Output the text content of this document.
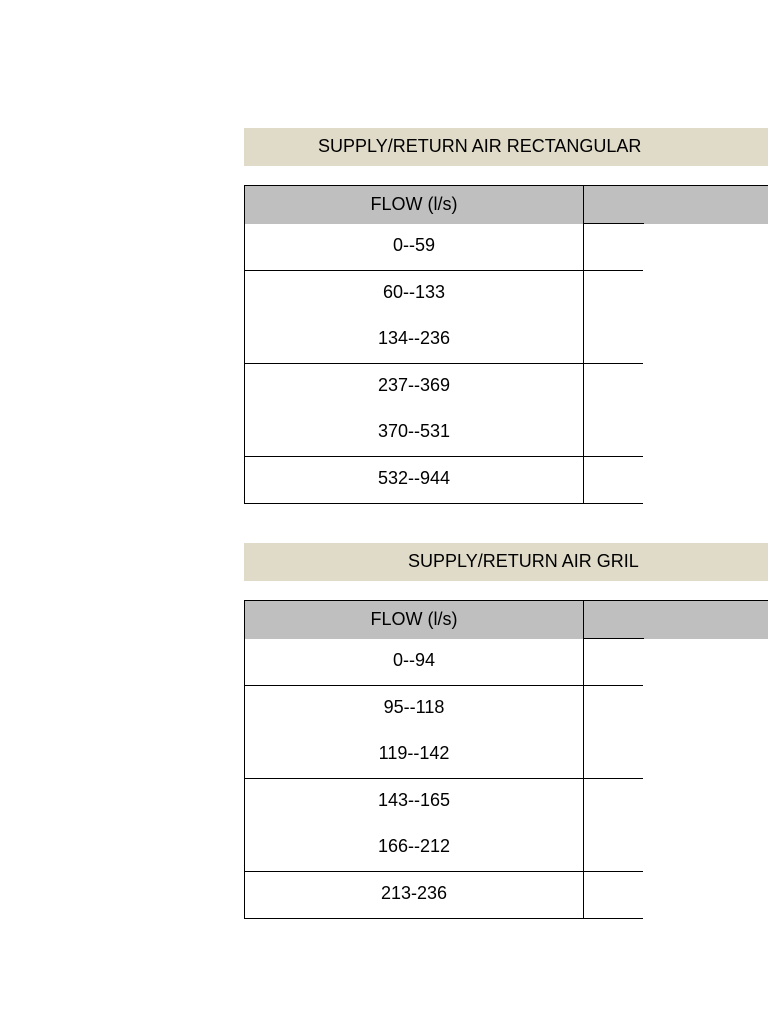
SUPPLY/RETURN AIR RECTANGULAR
FLOW (l/s)
0--59
60--133
134--236
237--369
370--531
532--944
SUPPLY/RETURN AIR GRIL
FLOW (l/s)
0--94
95--118
119--142
143--165
166--212
213-236
